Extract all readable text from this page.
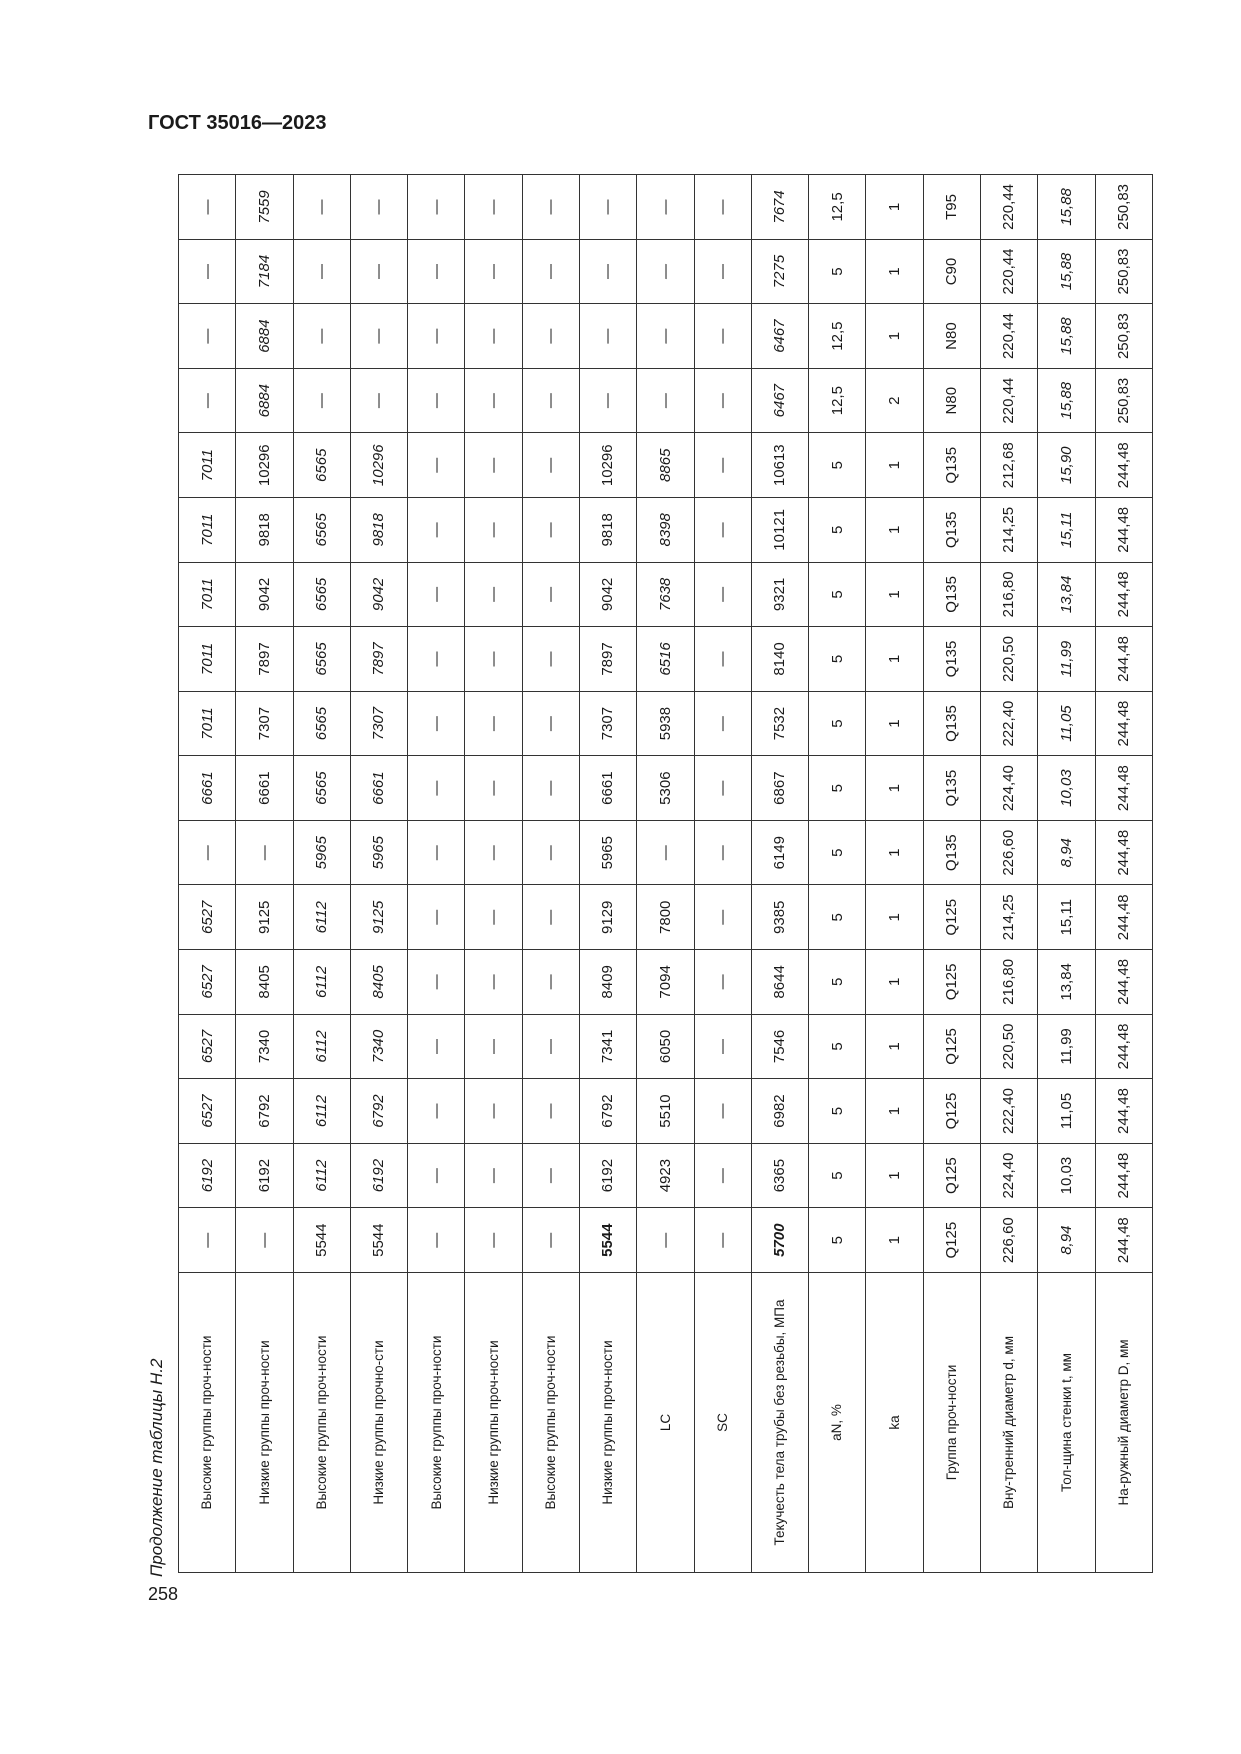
ГОСТ 35016—2023
Продолжение таблицы Н.2 Высокие группы проч-ности	—	6192	6527	6527	6527	6527	—	6661	7011	7011	7011	7011	7011	—	—	—	—
Низкие группы проч-ности	—	6192	6792	7340	8405	9125	—	6661	7307	7897	9042	9818	10296	6884	6884	7184	7559
Высокие группы проч-ности	5544	6112	6112	6112	6112	6112	5965	6565	6565	6565	6565	6565	6565	—	—	—	—
Низкие группы прочно-сти	5544	6192	6792	7340	8405	9125	5965	6661	7307	7897	9042	9818	10296	—	—	—	—
Высокие группы проч-ности	—	—	—	—	—	—	—	—	—	—	—	—	—	—	—	—	—
Низкие группы проч-ности	—	—	—	—	—	—	—	—	—	—	—	—	—	—	—	—	—
Высокие группы проч-ности	—	—	—	—	—	—	—	—	—	—	—	—	—	—	—	—	—
Низкие группы проч-ности	5544	6192	6792	7341	8409	9129	5965	6661	7307	7897	9042	9818	10296	—	—	—	—
LC	—	4923	5510	6050	7094	7800	—	5306	5938	6516	7638	8398	8865	—	—	—	—
SC	—	—	—	—	—	—	—	—	—	—	—	—	—	—	—	—	—
Текучесть тела трубы без резьбы, МПа	5700	6365	6982	7546	8644	9385	6149	6867	7532	8140	9321	10121	10613	6467	6467	7275	7674
aN, %	5	5	5	5	5	5	5	5	5	5	5	5	5	12,5	12,5	5	12,5
ka	1	1	1	1	1	1	1	1	1	1	1	1	1	2	1	1	1
Группа проч-ности	Q125	Q125	Q125	Q125	Q125	Q125	Q135	Q135	Q135	Q135	Q135	Q135	Q135	N80	N80	C90	T95
Вну-тренний диаметр d, мм	226,60	224,40	222,40	220,50	216,80	214,25	226,60	224,40	222,40	220,50	216,80	214,25	212,68	220,44	220,44	220,44	220,44
Тол-щина стенки t, мм	8,94	10,03	11,05	11,99	13,84	15,11	8,94	10,03	11,05	11,99	13,84	15,11	15,90	15,88	15,88	15,88	15,88
На-ружный диаметр D, мм	244,48	244,48	244,48	244,48	244,48	244,48	244,48	244,48	244,48	244,48	244,48	244,48	244,48	250,83	250,83	250,83	250,83
258
